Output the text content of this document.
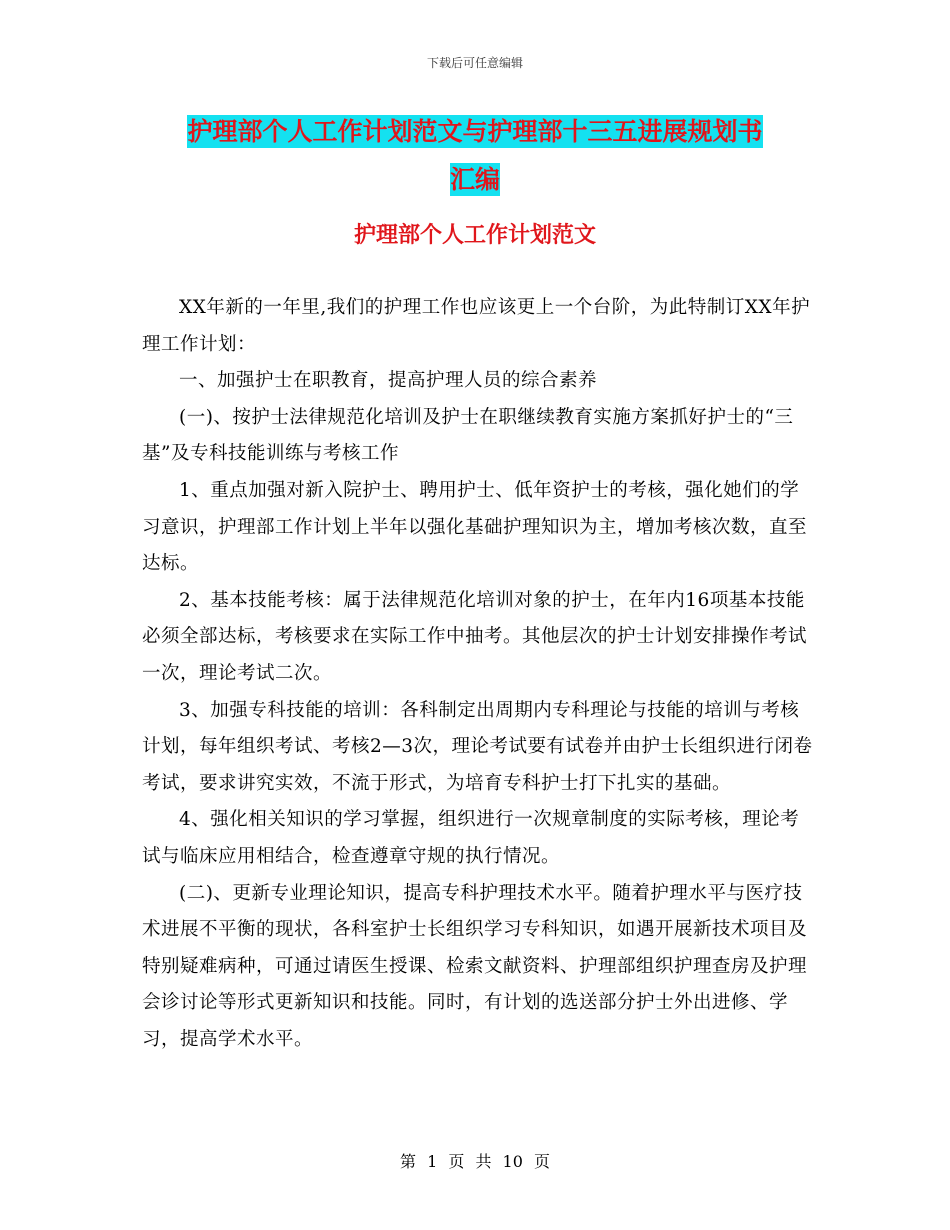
下载后可任意编辑
护理部个人工作计划范文与护理部十三五进展规划书
汇编
护理部个人工作计划范文

XX年新的一年里,我们的护理工作也应该更上一个台阶，为此特制订XX年护理工作计划：

一、加强护士在职教育，提高护理人员的综合素养

(一)、按护士法律规范化培训及护士在职继续教育实施方案抓好护士的“三基”及专科技能训练与考核工作

1、重点加强对新入院护士、聘用护士、低年资护士的考核，强化她们的学习意识，护理部工作计划上半年以强化基础护理知识为主，增加考核次数，直至达标。

2、基本技能考核：属于法律规范化培训对象的护士，在年内16项基本技能必须全部达标，考核要求在实际工作中抽考。其他层次的护士计划安排操作考试一次，理论考试二次。

3、加强专科技能的培训：各科制定出周期内专科理论与技能的培训与考核计划，每年组织考试、考核2—3次，理论考试要有试卷并由护士长组织进行闭卷考试，要求讲究实效，不流于形式，为培育专科护士打下扎实的基础。

4、强化相关知识的学习掌握，组织进行一次规章制度的实际考核，理论考试与临床应用相结合，检查遵章守规的执行情况。

(二)、更新专业理论知识，提高专科护理技术水平。随着护理水平与医疗技术进展不平衡的现状，各科室护士长组织学习专科知识，如遇开展新技术项目及特别疑难病种，可通过请医生授课、检索文献资料、护理部组织护理查房及护理会诊讨论等形式更新知识和技能。同时，有计划的选送部分护士外出进修、学习，提高学术水平。

第 1 页 共 10 页
